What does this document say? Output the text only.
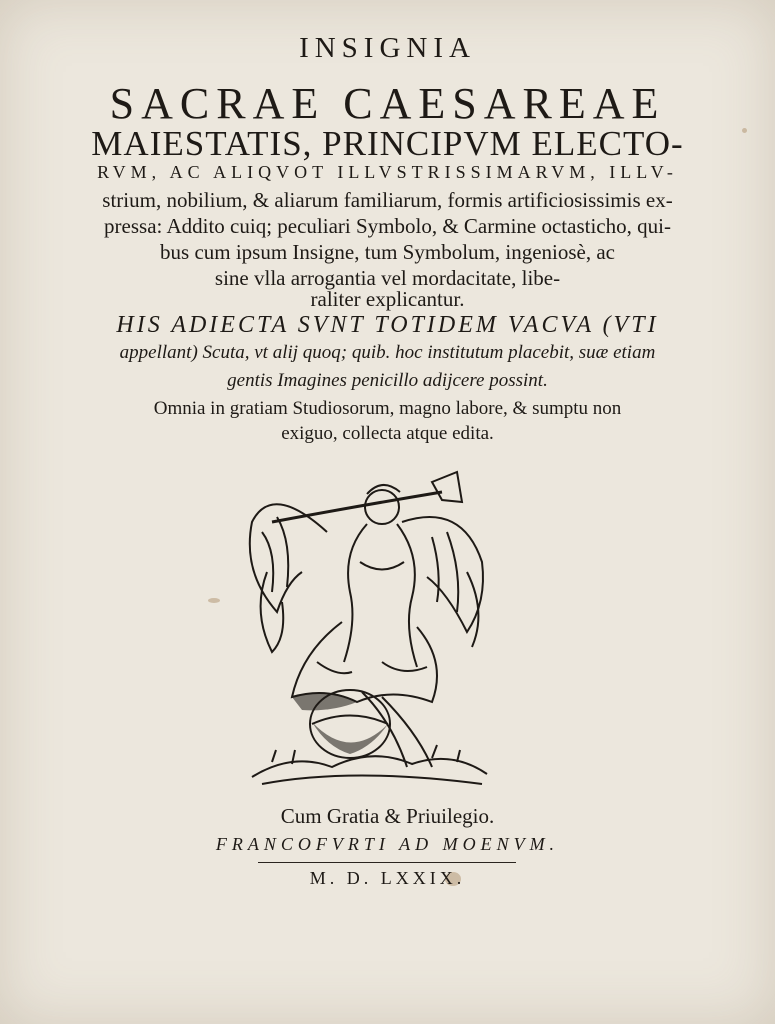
INSIGNIA
SACRAE CAESAREAE
MAIESTATIS, PRINCIPVM ELECTO-
RVM, AC ALIQVOT ILLVSTRISSIMARVM, ILLV-
strium, nobilium, & aliarum familiarum, formis artificiosissimis ex-
pressa: Addito cuiq; peculiari Symbolo, & Carmine octasticho, qui-
bus cum ipsum Insigne, tum Symbolum, ingeniosè, ac
sine vlla arrogantia vel mordacitate, libe-
raliter explicantur.
HIS ADIECTA SVNT TOTIDEM VACVA (VTI
appellant) Scuta, vt alij quoq; quib. hoc institutum placebit, suæ etiam
gentis Imagines penicillo adijcere possint.
Omnia in gratiam Studiosorum, magno labore, & sumptu non
exiguo, collecta atque edita.
Cum Gratia & Priuilegio.
FRANCOFVRTI AD MOENVM.
M. D. LXXIX.
